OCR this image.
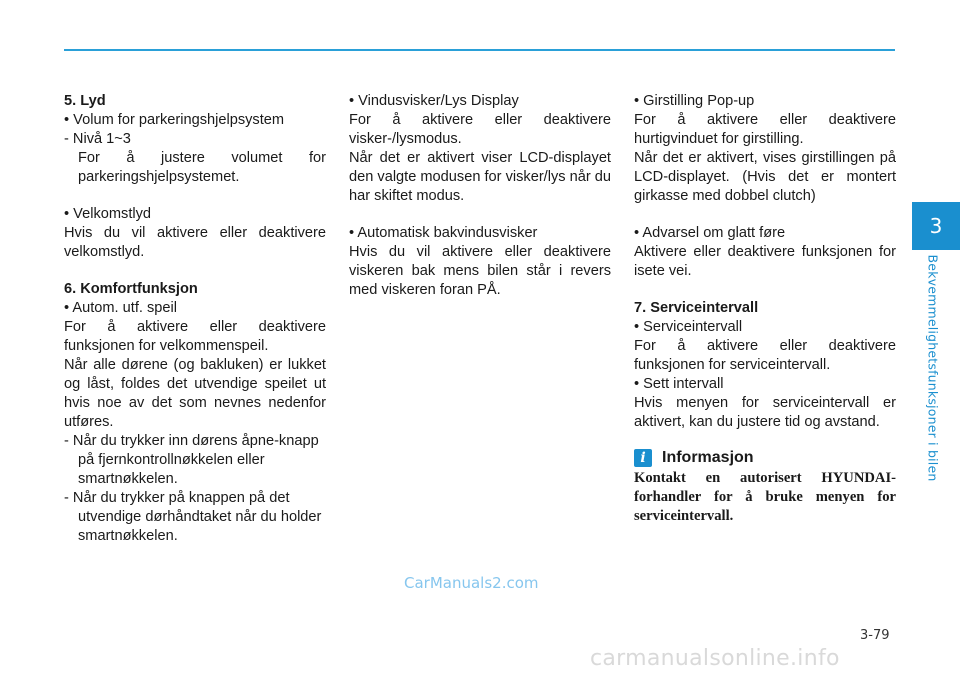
3
Bekvemmelighetsfunksjoner i bilen

5. Lyd

• Volum for parkeringshjelpsystem

- Nivå 1~3

For å justere volumet for parkeringshjelpsystemet.

• Velkomstlyd

Hvis du vil aktivere eller deaktivere velkomstlyd.

6. Komfortfunksjon

• Autom. utf. speil

For å aktivere eller deaktivere funksjonen for velkommenspeil.

Når alle dørene (og bakluken) er lukket og låst, foldes det utvendige speilet ut hvis noe av det som nevnes nedenfor utføres.

- Når du trykker inn dørens åpne-knapp på fjernkontrollnøkkelen eller smartnøkkelen.

- Når du trykker på knappen på det utvendige dørhåndtaket når du holder smartnøkkelen.

• Vindusvisker/Lys Display

For å aktivere eller deaktivere visker-/lysmodus.

Når det er aktivert viser LCD-displayet den valgte modusen for visker/lys når du har skiftet modus.

• Automatisk bakvindusvisker

Hvis du vil aktivere eller deaktivere viskeren bak mens bilen står i revers med viskeren foran PÅ.

• Girstilling Pop-up

For å aktivere eller deaktivere hurtigvinduet for girstilling.

Når det er aktivert, vises girstillingen på LCD-displayet. (Hvis det er montert girkasse med dobbel clutch)

• Advarsel om glatt føre

Aktivere eller deaktivere funksjonen for isete vei.

7. Serviceintervall

• Serviceintervall

For å aktivere eller deaktivere funksjonen for serviceintervall.

• Sett intervall

Hvis menyen for serviceintervall er aktivert, kan du justere tid og avstand.

i	Informasjon

Kontakt en autorisert HYUNDAI-forhandler for å bruke menyen for serviceintervall.

CarManuals2.com
3-79
carmanualsonline.info
